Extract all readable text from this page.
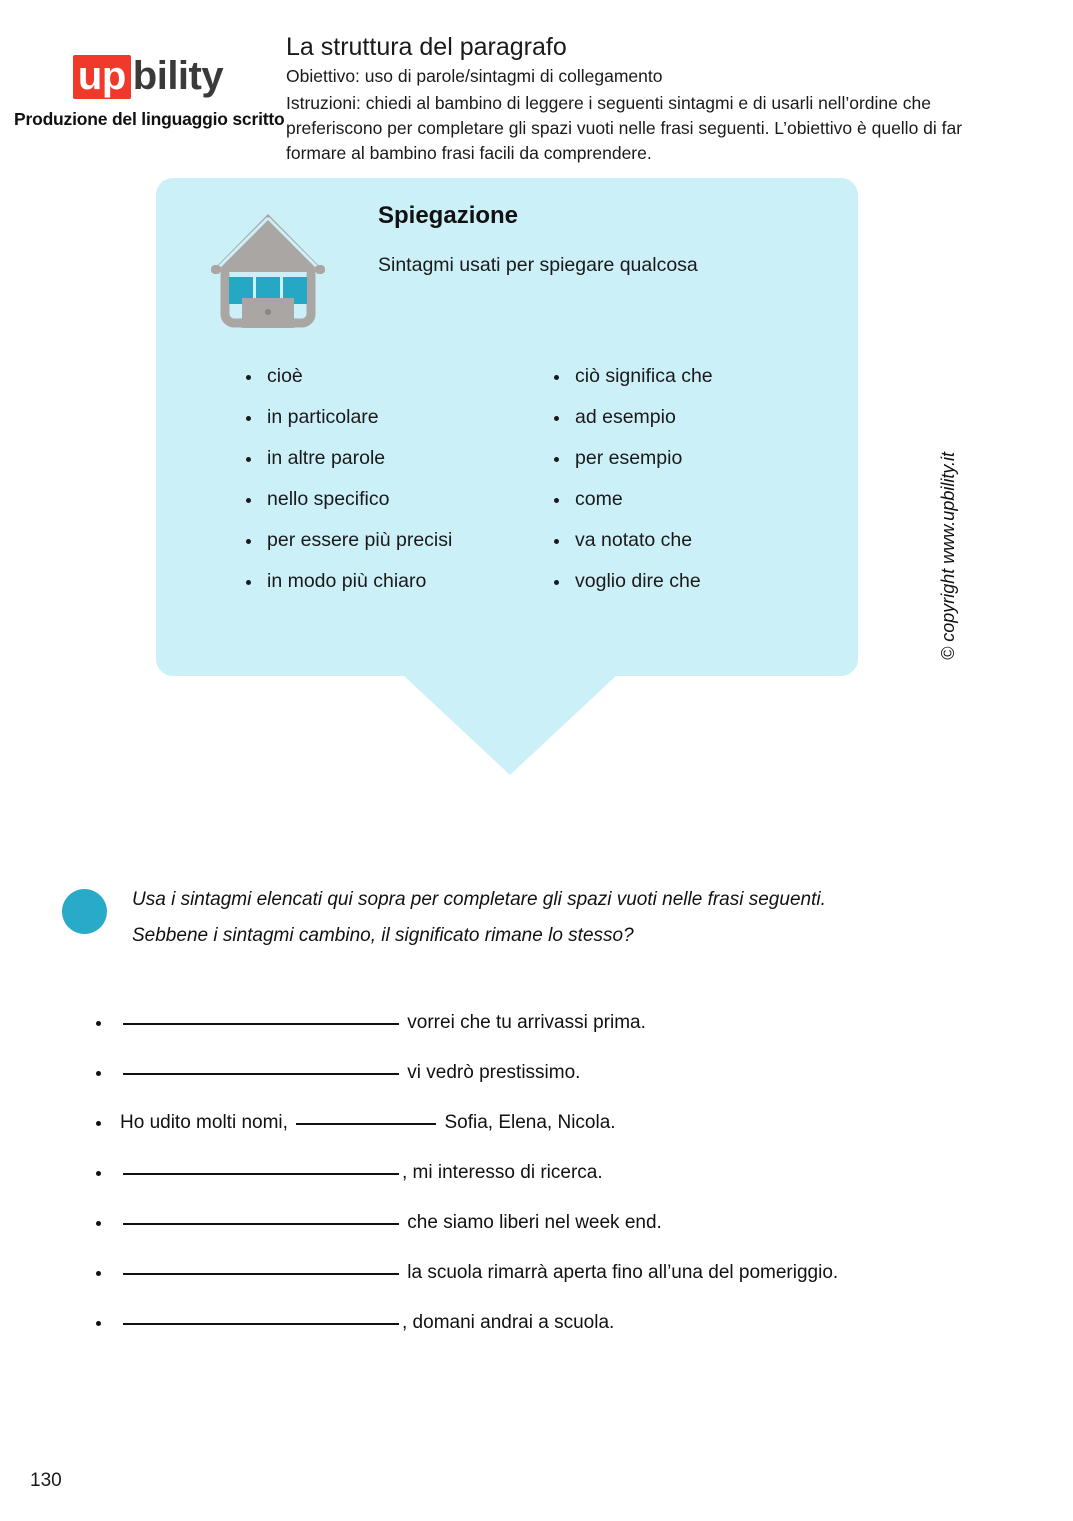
up bility
Produzione del linguaggio scritto
La struttura del paragrafo
Obiettivo: uso di parole/sintagmi di collegamento
Istruzioni: chiedi al bambino di leggere i seguenti sintagmi e di usarli nell’ordine che preferiscono per completare gli spazi vuoti nelle frasi seguenti. L’obiettivo è quello di far formare al bambino frasi facili da comprendere.
Spiegazione
Sintagmi usati per spiegare qualcosa
cioè
in particolare
in altre parole
nello specifico
per essere più precisi
in modo più chiaro
ciò significa che
ad esempio
per esempio
come
va notato che
voglio dire che	© copyright www.upbility.it
Usa i sintagmi elencati qui sopra per completare gli spazi vuoti nelle frasi seguenti.
Sebbene i sintagmi cambino, il significato rimane lo stesso?
vorrei che tu arrivassi prima.
vi vedrò prestissimo.
Ho udito molti nomi,	Sofia, Elena, Nicola.
, mi interesso di ricerca.
che siamo liberi nel week end.
la scuola rimarrà aperta fino all’una del pomeriggio.
, domani andrai a scuola.
130
